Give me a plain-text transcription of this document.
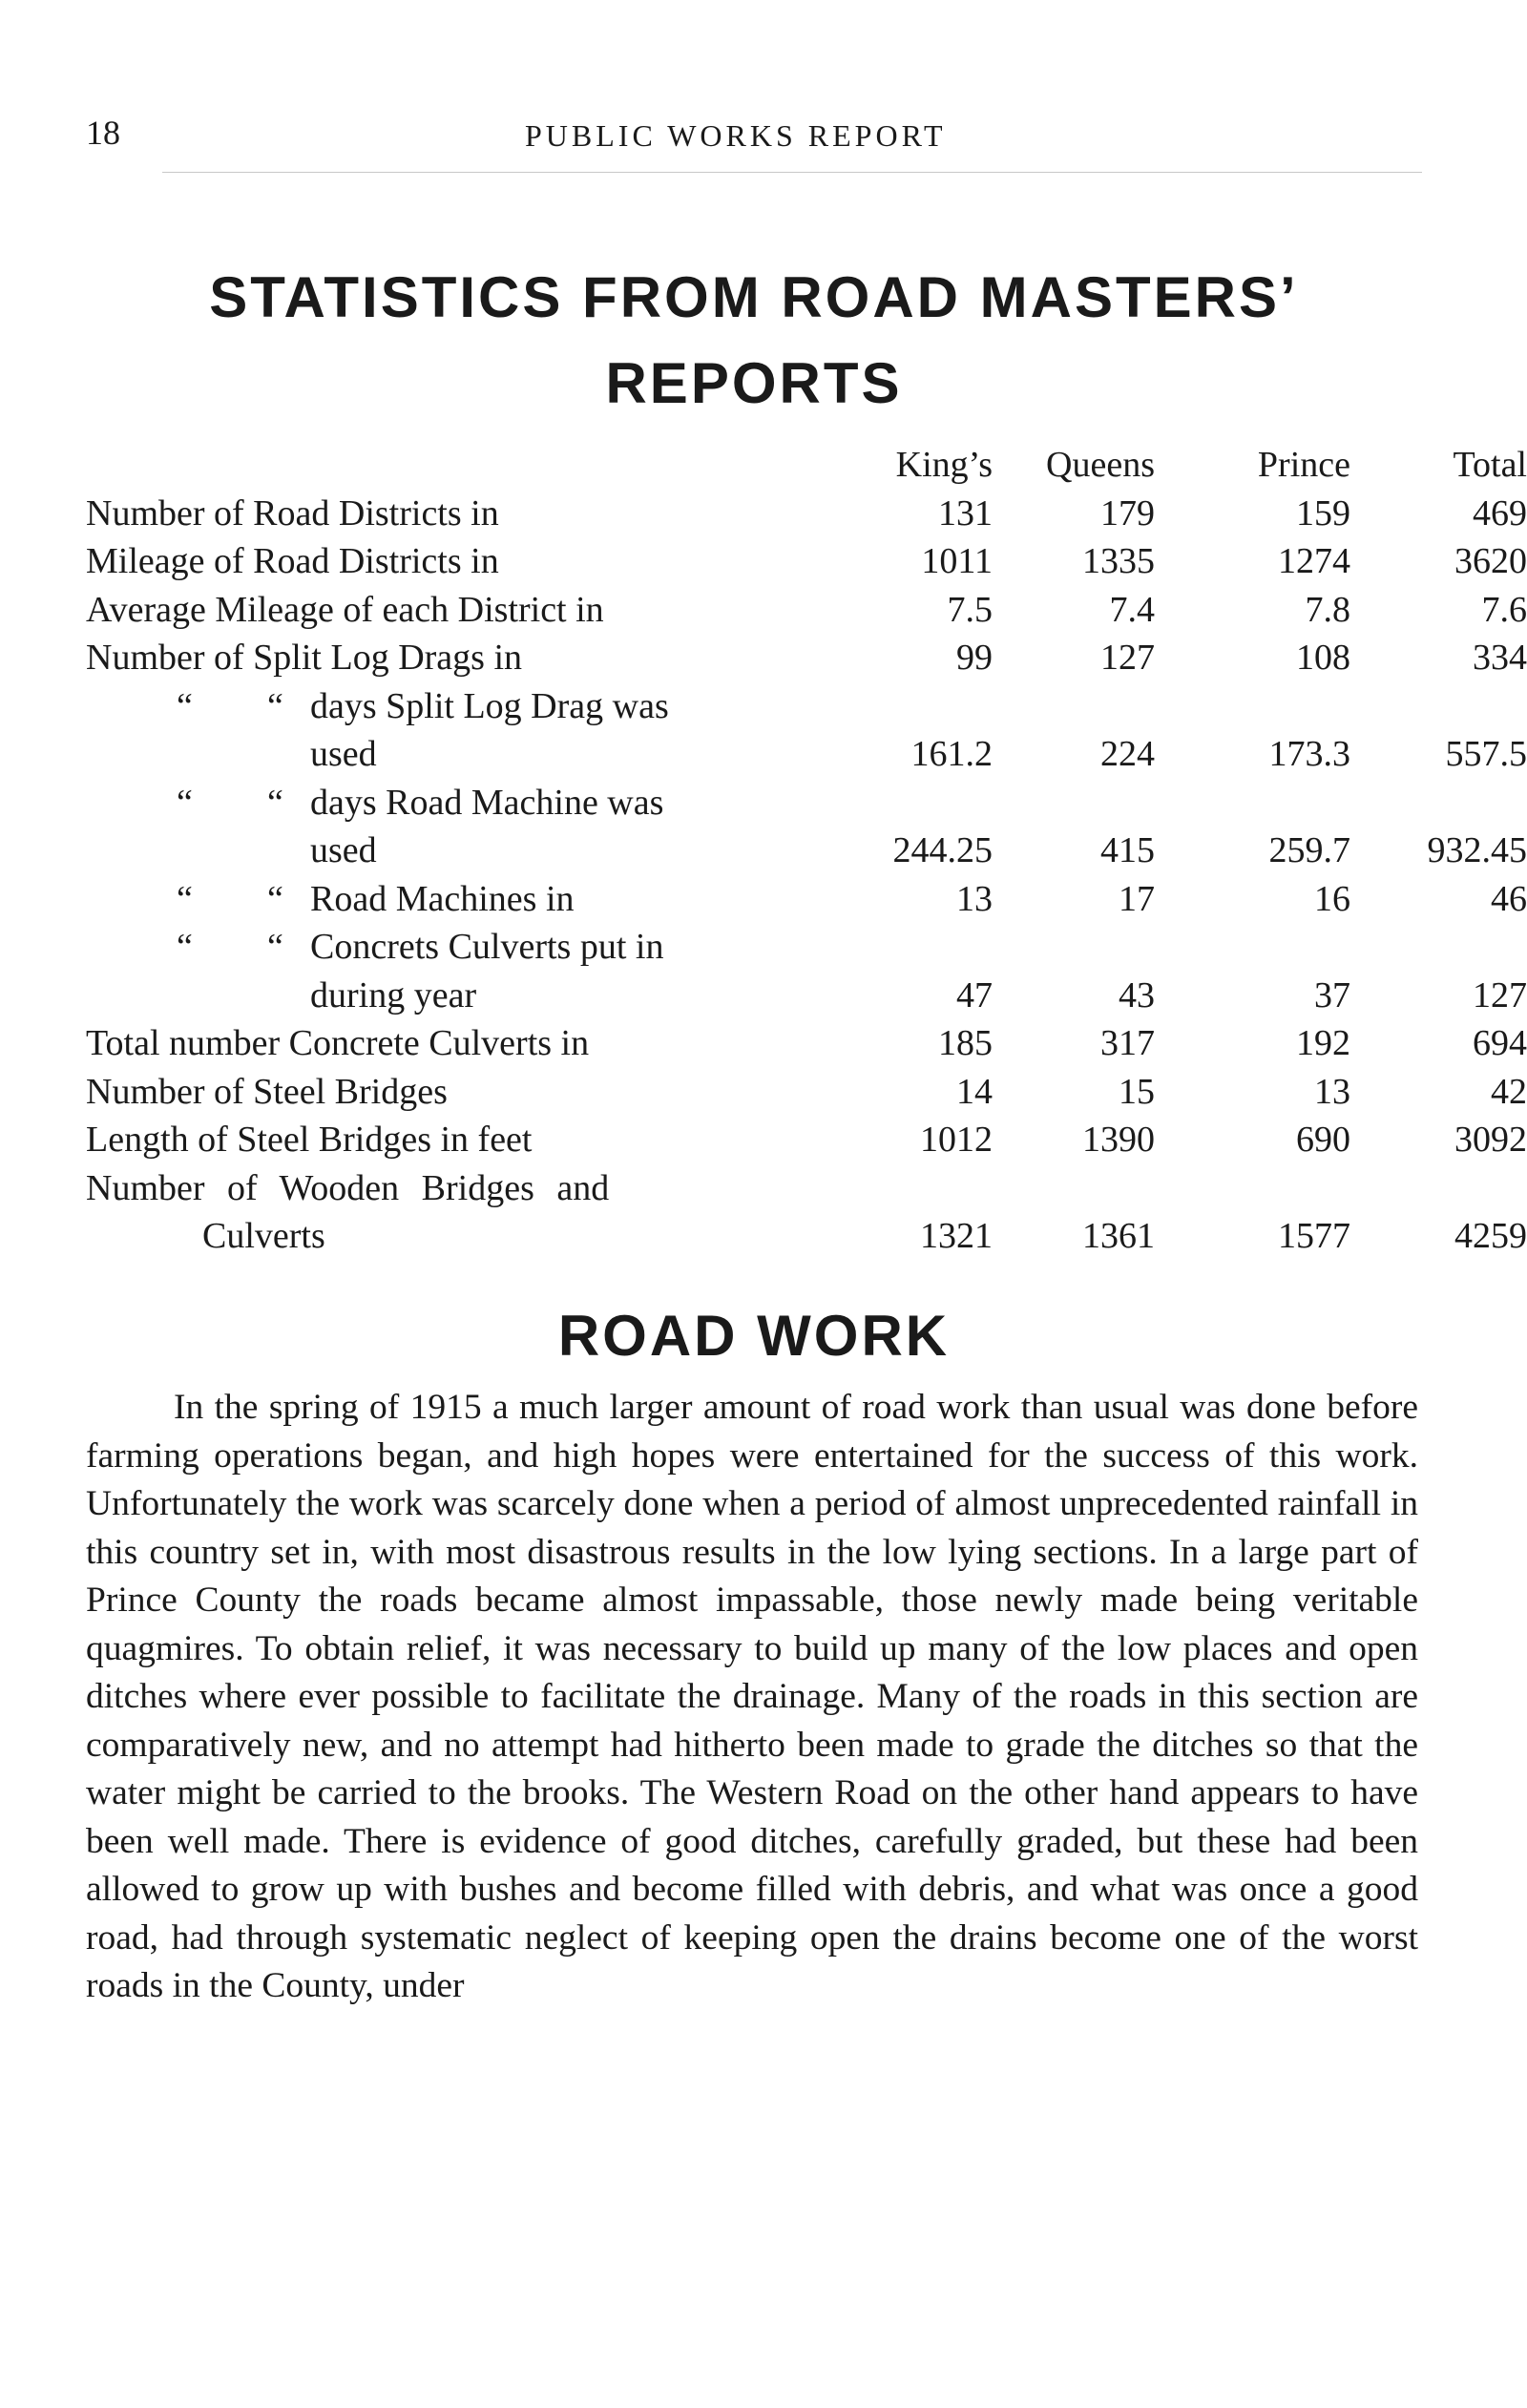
18	PUBLIC WORKS REPORT
STATISTICS FROM ROAD MASTERS’
REPORTS
King’s	Queens	Prince	Total
Number of Road Districts in	131	179	159	469
Mileage of Road Districts in	1011	1335	1274	3620
Average Mileage of each District in	7.5	7.4	7.8	7.6
Number of Split Log Drags in	99	127	108	334
“ “ days Split Log Drag was
used	161.2	224	173.3	557.5
“ “ days Road Machine was
used	244.25	415	259.7	932.45
“ “ Road Machines in	13	17	16	46
“ “ Concrets Culverts put in
during year	47	43	37	127
Total number Concrete Culverts in	185	317	192	694
Number of Steel Bridges	14	15	13	42
Length of Steel Bridges in feet	1012	1390	690	3092
Number of Wooden Bridges and
Culverts	1321	1361	1577	4259
ROAD WORK

In the spring of 1915 a much larger amount of road work than usual was done before farming operations began, and high hopes were entertained for the success of this work. Unfortunately the work was scarcely done when a period of almost unprecedented rainfall in this country set in, with most disastrous results in the low lying sections. In a large part of Prince County the roads became almost impassable, those newly made being veritable quagmires. To obtain relief, it was necessary to build up many of the low places and open ditches where ever possible to facilitate the drainage. Many of the roads in this section are comparatively new, and no attempt had hitherto been made to grade the ditches so that the water might be carried to the brooks. The Western Road on the other hand appears to have been well made. There is evidence of good ditches, carefully graded, but these had been allowed to grow up with bushes and become filled with debris, and what was once a good road, had through systematic neglect of keeping open the drains become one of the worst roads in the County, under
